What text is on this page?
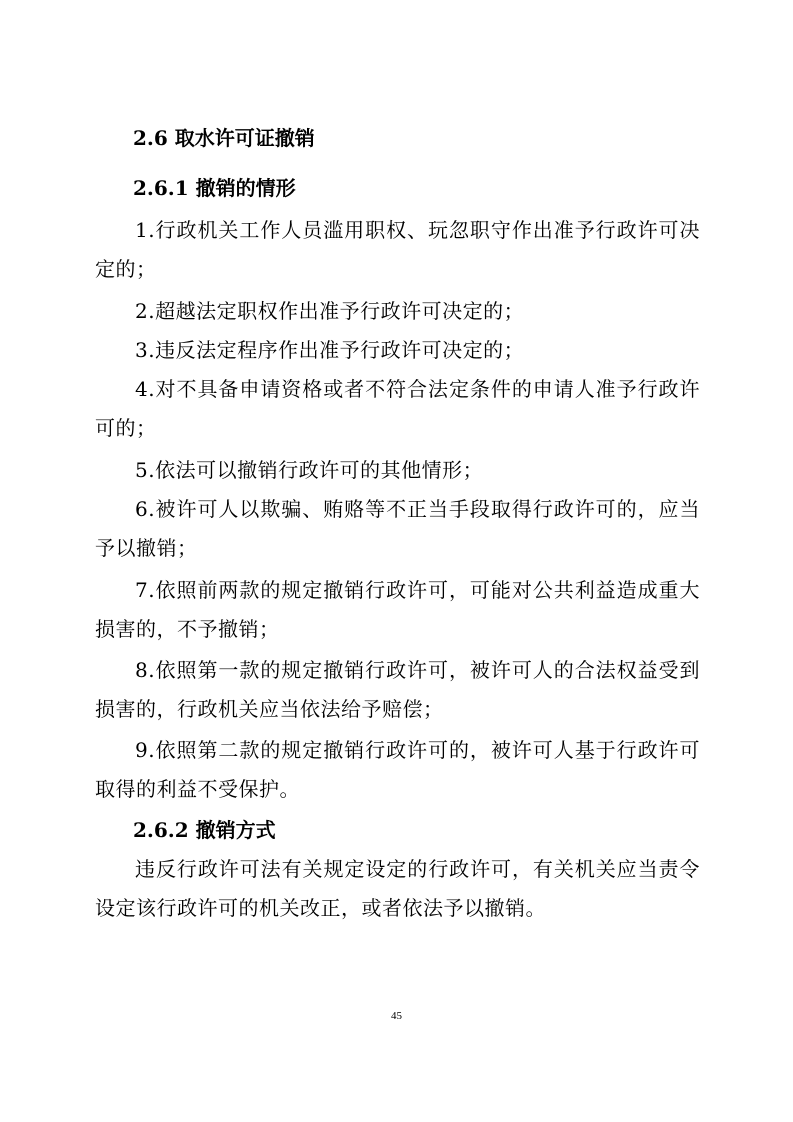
2.6 取水许可证撤销
2.6.1 撤销的情形
1.行政机关工作人员滥用职权、玩忽职守作出准予行政许可决定的；
2.超越法定职权作出准予行政许可决定的；
3.违反法定程序作出准予行政许可决定的；
4.对不具备申请资格或者不符合法定条件的申请人准予行政许可的；
5.依法可以撤销行政许可的其他情形；
6.被许可人以欺骗、贿赂等不正当手段取得行政许可的，应当予以撤销；
7.依照前两款的规定撤销行政许可，可能对公共利益造成重大损害的，不予撤销；
8.依照第一款的规定撤销行政许可，被许可人的合法权益受到损害的，行政机关应当依法给予赔偿；
9.依照第二款的规定撤销行政许可的，被许可人基于行政许可取得的利益不受保护。
2.6.2 撤销方式
违反行政许可法有关规定设定的行政许可，有关机关应当责令设定该行政许可的机关改正，或者依法予以撤销。
45
